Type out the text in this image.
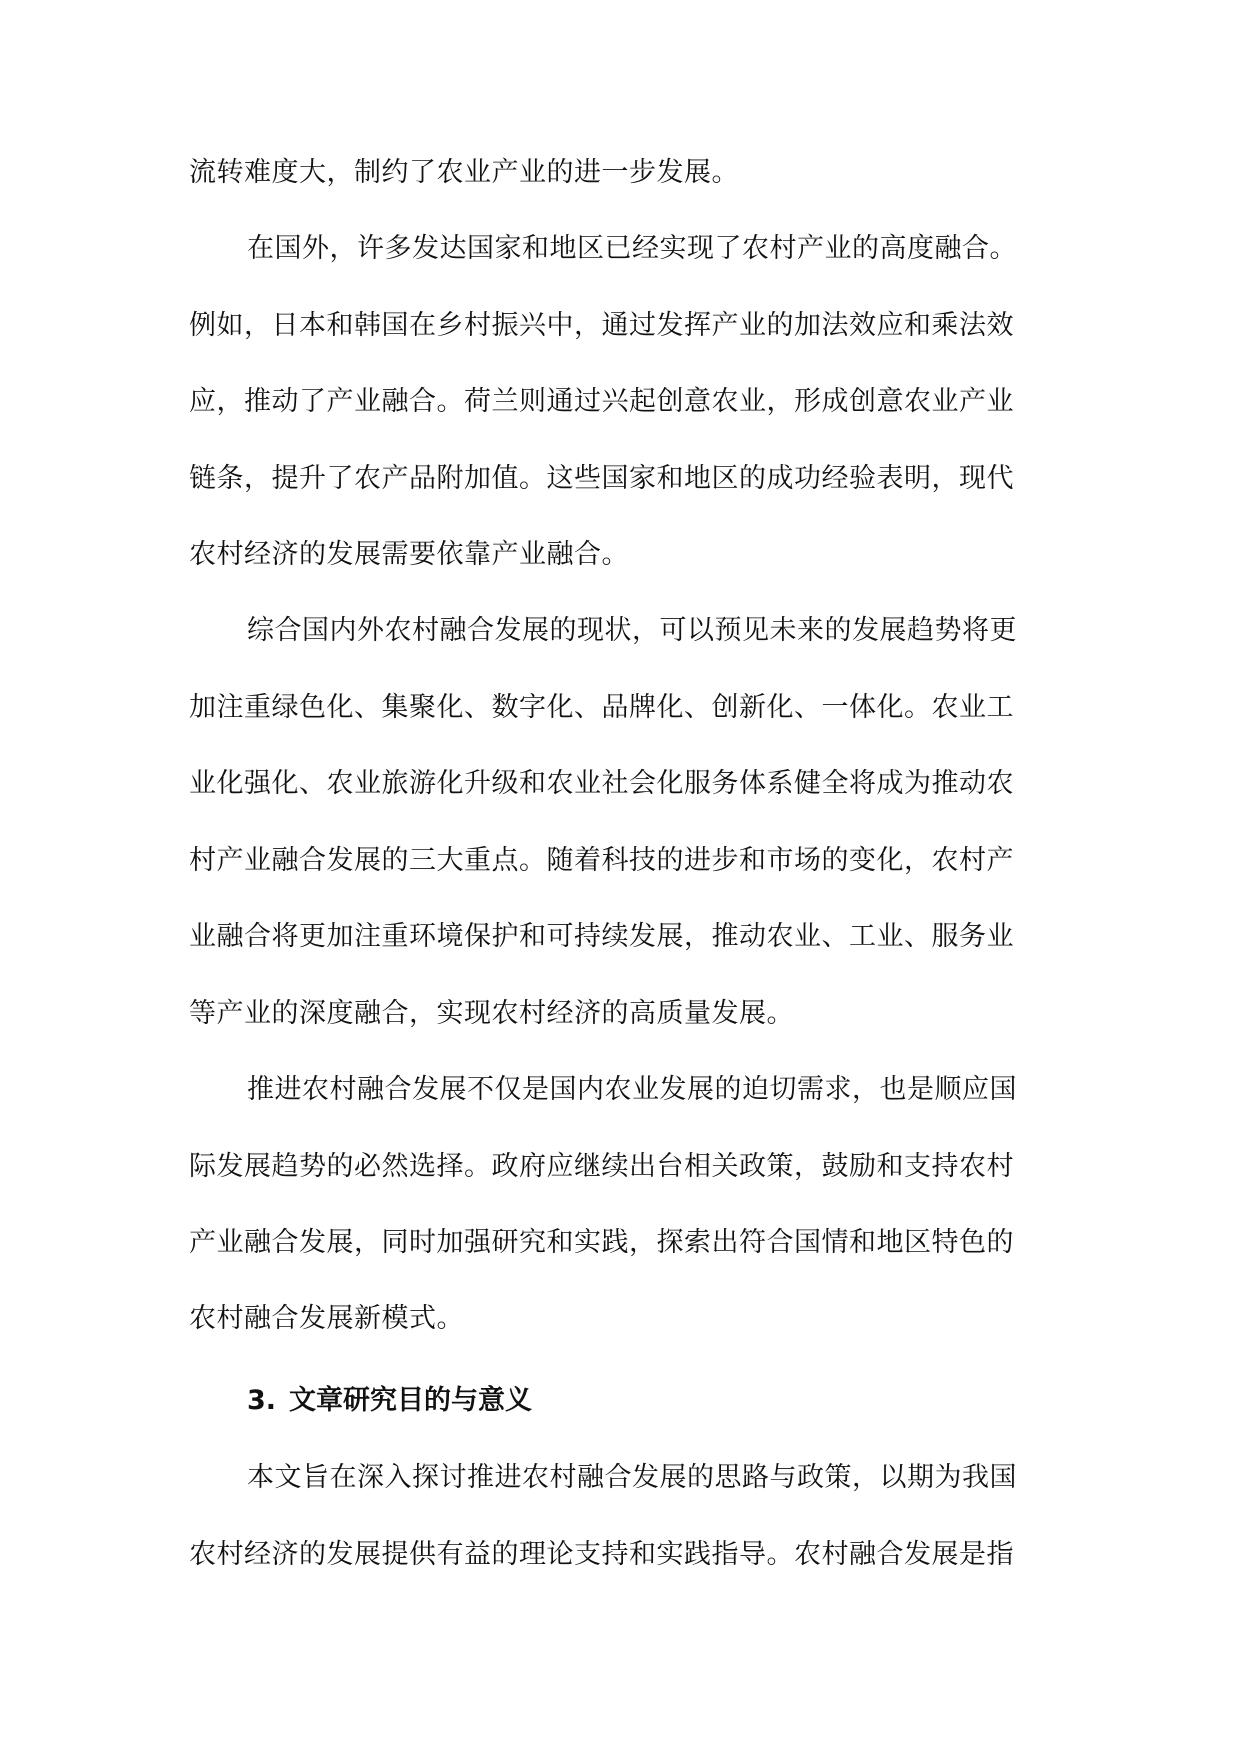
流转难度大，制约了农业产业的进一步发展。
在国外，许多发达国家和地区已经实现了农村产业的高度融合。
例如，日本和韩国在乡村振兴中，通过发挥产业的加法效应和乘法效
应，推动了产业融合。荷兰则通过兴起创意农业，形成创意农业产业
链条，提升了农产品附加值。这些国家和地区的成功经验表明，现代
农村经济的发展需要依靠产业融合。
综合国内外农村融合发展的现状，可以预见未来的发展趋势将更
加注重绿色化、集聚化、数字化、品牌化、创新化、一体化。农业工
业化强化、农业旅游化升级和农业社会化服务体系健全将成为推动农
村产业融合发展的三大重点。随着科技的进步和市场的变化，农村产
业融合将更加注重环境保护和可持续发展，推动农业、工业、服务业
等产业的深度融合，实现农村经济的高质量发展。
推进农村融合发展不仅是国内农业发展的迫切需求，也是顺应国
际发展趋势的必然选择。政府应继续出台相关政策，鼓励和支持农村
产业融合发展，同时加强研究和实践，探索出符合国情和地区特色的
农村融合发展新模式。
3. 文章研究目的与意义
本文旨在深入探讨推进农村融合发展的思路与政策，以期为我国
农村经济的发展提供有益的理论支持和实践指导。农村融合发展是指
